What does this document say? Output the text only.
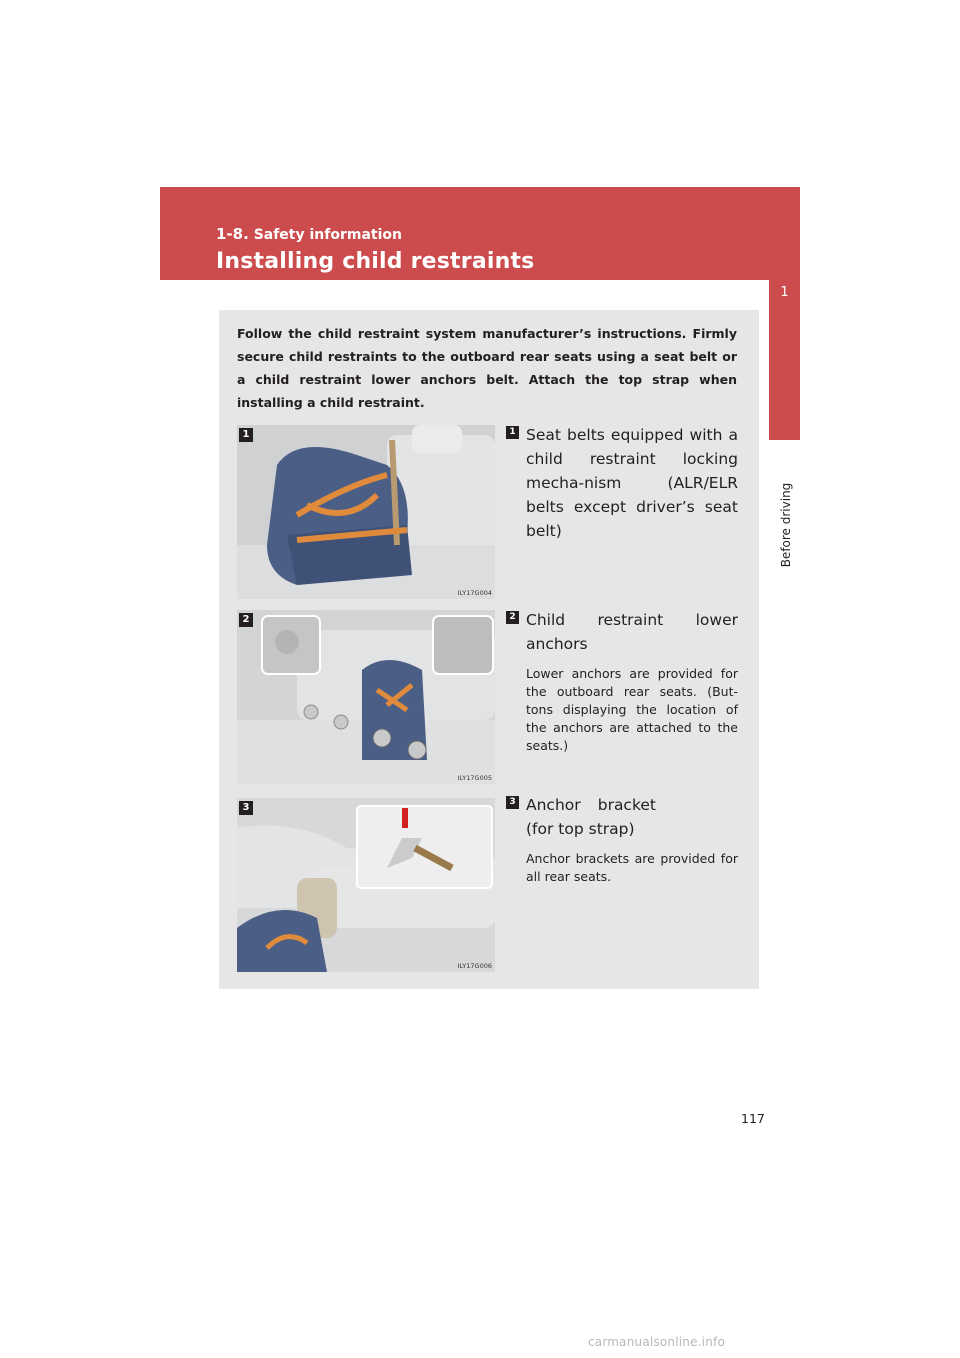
1-8. Safety information
Installing child restraints
1
Before driving
Follow the child restraint system manufacturer’s instructions. Firmly secure child restraints to the outboard rear seats using a seat belt or a child restraint lower anchors belt. Attach the top strap when installing a child restraint.
1
ILY17G004
2
ILY17G005
3
ILY17G006
1 Seat belts equipped with a child restraint locking mecha-nism (ALR/ELR belts except driver’s seat belt)
2 Child restraint lower anchors
Lower anchors are provided for the outboard rear seats. (But-tons displaying the location of the anchors are attached to the seats.)
3 Anchor bracket (for top strap)
Anchor brackets are provided for all rear seats.
117
carmanualsonline.info
